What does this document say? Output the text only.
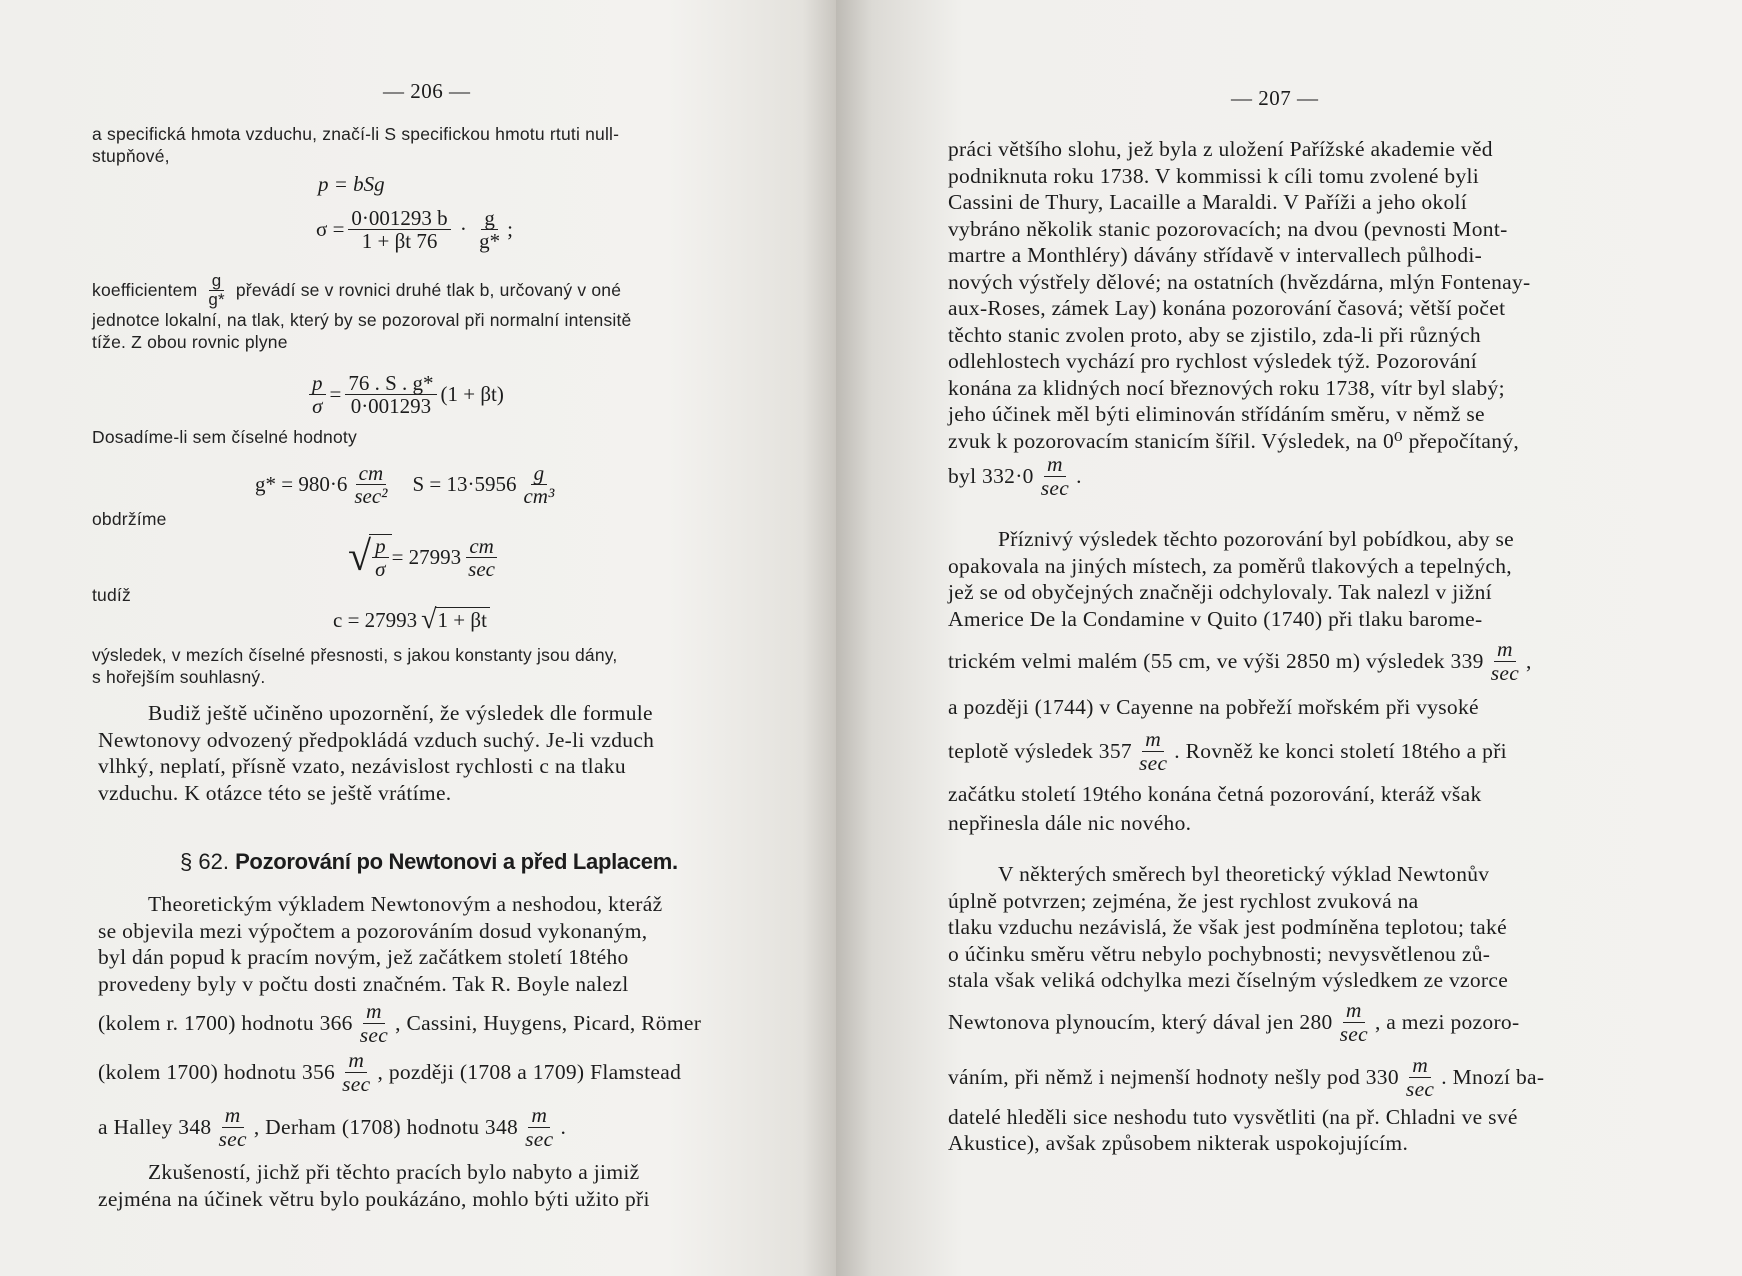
— 206 —
a specifická hmota vzduchu, značí-li S specifickou hmotu rtuti null-
stupňové,
p = bSg
$\sigma = \frac{0\cdot 001293 b}{1 + \beta t 76} \cdot \frac{g}{g*}$ ;
koefficientem $\frac{g}{g*}$ převádí se v rovnici druhé tlak b, určovaný v oné
jednotce lokalní, na tlak, který by se pozoroval při normalní intensitě
tíže. Z obou rovnic plyne
$\frac{p}{\sigma} = \frac{76 . S . g*}{0\cdot 001293} (1 + \beta t)$
Dosadíme-li sem číselné hodnoty
$g* = 980\cdot 6 \frac{cm}{\text{sec²}}$ $S = 13\cdot 5956 \frac{g}{\text{cm³}}$
obdržíme
√ $\frac{p}{\sigma} = 27993 \frac{cm}{\sec}$
tudíž
c = 27993 √ 1 + βt
výsledek, v mezích číselné přesnosti, s jakou konstanty jsou dány,
s hořejším souhlasný.
Budiž ještě učiněno upozornění, že výsledek dle formule
Newtonovy odvozený předpokládá vzduch suchý. Je-li vzduch
vlhký, neplatí, přísně vzato, nezávislost rychlosti c na tlaku
vzduchu. K otázce této se ještě vrátíme.
§ 62. Pozorování po Newtonovi a před Laplacem.
Theoretickým výkladem Newtonovým a neshodou, kteráž
se objevila mezi výpočtem a pozorováním dosud vykonaným,
byl dán popud k pracím novým, jež začátkem století 18tého
provedeny byly v počtu dosti značném. Tak R. Boyle nalezl
(kolem r. 1700) hodnotu $366 \frac{m}{\sec}$ , Cassini, Huygens, Picard, Römer
(kolem 1700) hodnotu $356 \frac{m}{\sec}$ , později (1708 a 1709) Flamstead
a Halley $348 \frac{m}{\sec}$ , Derham (1708) hodnotu $348 \frac{m}{\sec}$ .
Zkušeností, jichž při těchto pracích bylo nabyto a jimiž
zejména na účinek větru bylo poukázáno, mohlo býti užito při
— 207 —
práci většího slohu, jež byla z uložení Pařížské akademie věd
podniknuta roku 1738. V kommissi k cíli tomu zvolené byli
Cassini de Thury, Lacaille a Maraldi. V Paříži a jeho okolí
vybráno několik stanic pozorovacích; na dvou (pevnosti Mont-
martre a Monthléry) dávány střídavě v intervallech půlhodi-
nových výstřely dělové; na ostatních (hvězdárna, mlýn Fontenay-
aux-Roses, zámek Lay) konána pozorování časová; větší počet
těchto stanic zvolen proto, aby se zjistilo, zda-li při různých
odlehlostech vychází pro rychlost výsledek týž. Pozorování
konána za klidných nocí březnových roku 1738, vítr byl slabý;
jeho účinek měl býti eliminován střídáním směru, v němž se
zvuk k pozorovacím stanicím šířil. Výsledek, na 0⁰ přepočítaný,
byl $332\cdot 0 \frac{m}{\sec}$ .
Příznivý výsledek těchto pozorování byl pobídkou, aby se
opakovala na jiných místech, za poměrů tlakových a tepelných,
jež se od obyčejných značněji odchylovaly. Tak nalezl v jižní
Americe De la Condamine v Quito (1740) při tlaku barome-
trickém velmi malém (55 cm, ve výši 2850 m) výsledek $339 \frac{m}{\sec}$ ,
a později (1744) v Cayenne na pobřeží mořském při vysoké
teplotě výsledek $357 \frac{m}{\sec}$ . Rovněž ke konci století 18tého a při
začátku století 19tého konána četná pozorování, kteráž však
nepřinesla dále nic nového.
V některých směrech byl theoretický výklad Newtonův
úplně potvrzen; zejména, že jest rychlost zvuková na
tlaku vzduchu nezávislá, že však jest podmíněna teplotou; také
o účinku směru větru nebylo pochybnosti; nevysvětlenou zů-
stala však veliká odchylka mezi číselným výsledkem ze vzorce
Newtonova plynoucím, který dával jen $280 \frac{m}{\sec}$ , a mezi pozoro-
váním, při němž i nejmenší hodnoty nešly pod $330 \frac{m}{\sec}$ . Mnozí ba-
datelé hleděli sice neshodu tuto vysvětliti (na př. Chladni ve své
Akustice), avšak způsobem nikterak uspokojujícím.
